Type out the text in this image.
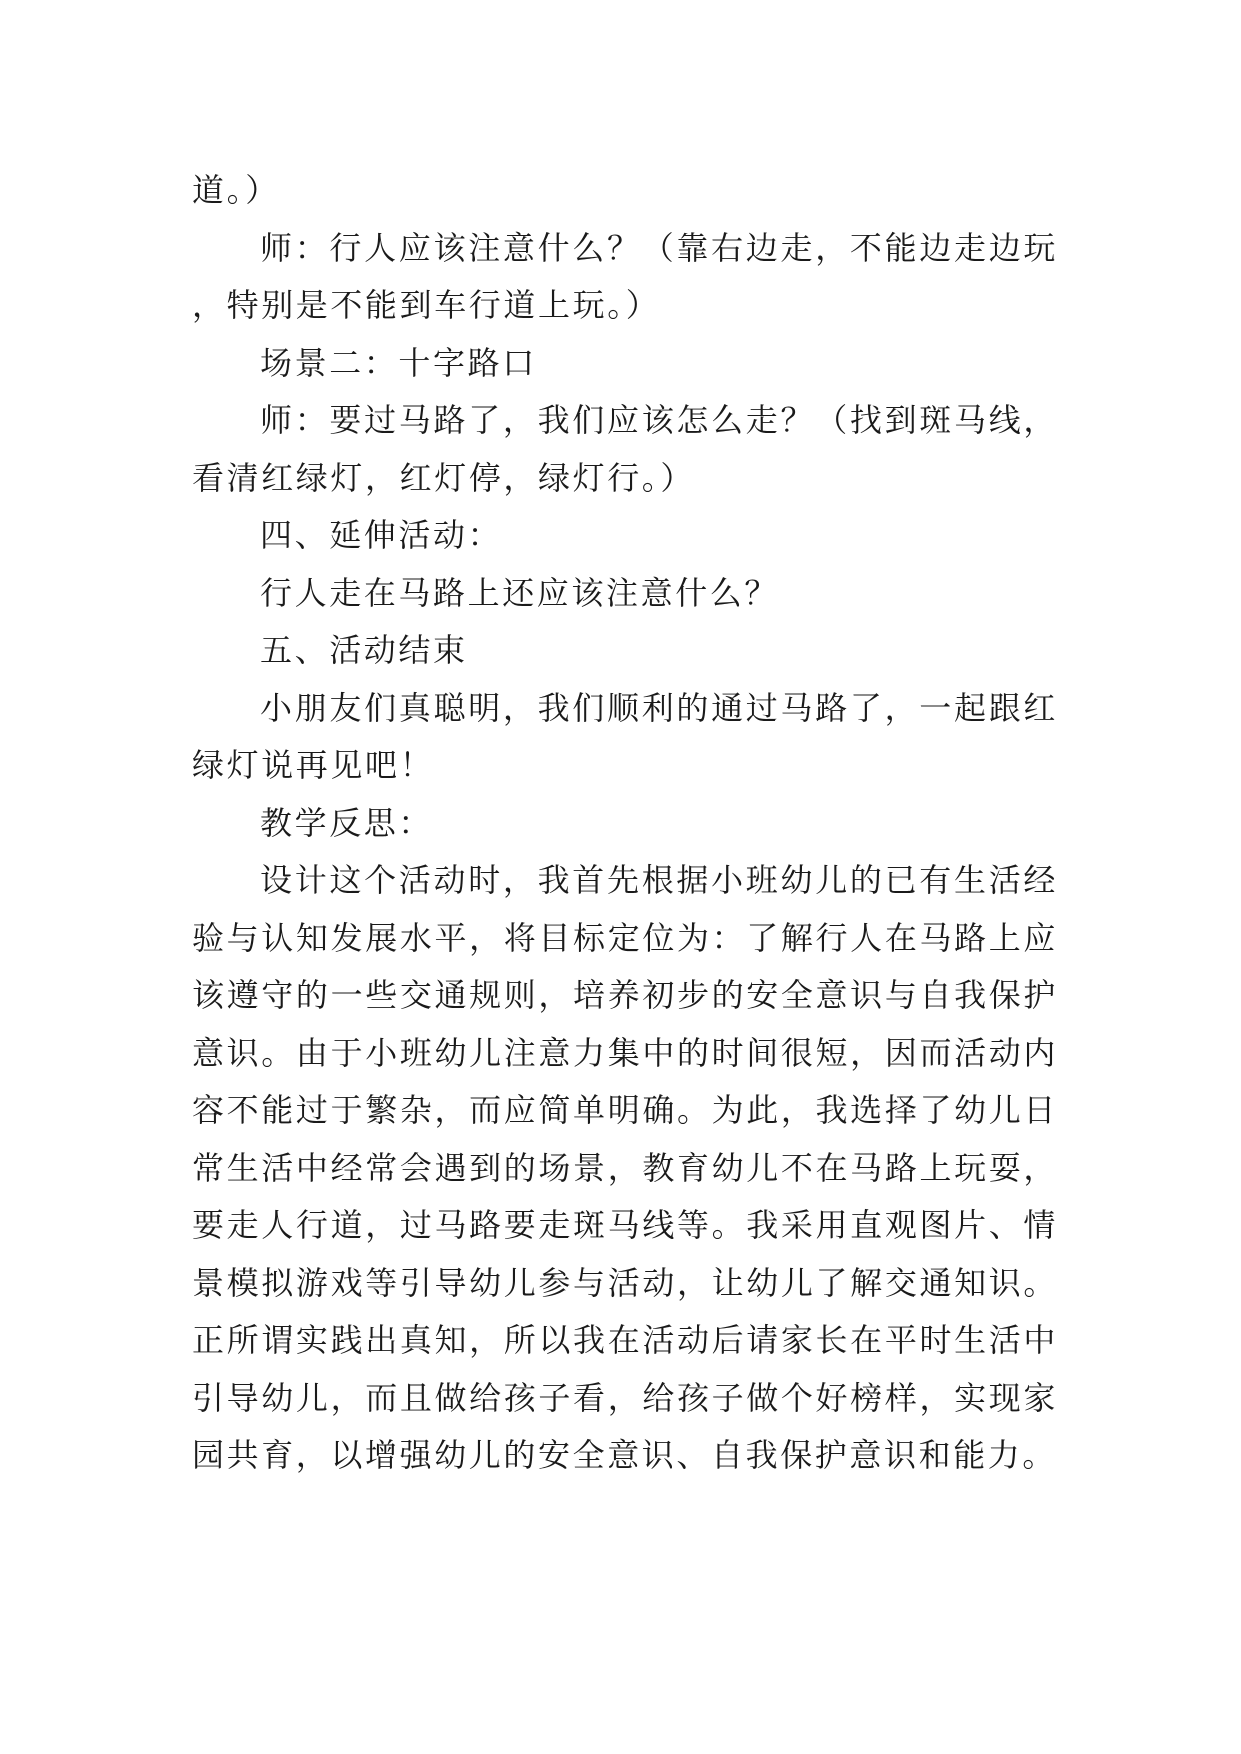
道。）

师：行人应该注意什么？（靠右边走，不能边走边玩，特别是不能到车行道上玩。）

场景二：十字路口

师：要过马路了，我们应该怎么走？（找到斑马线，看清红绿灯，红灯停，绿灯行。）

四、延伸活动：

行人走在马路上还应该注意什么？

五、活动结束

小朋友们真聪明，我们顺利的通过马路了，一起跟红绿灯说再见吧！

教学反思：

设计这个活动时，我首先根据小班幼儿的已有生活经验与认知发展水平，将目标定位为：了解行人在马路上应该遵守的一些交通规则，培养初步的安全意识与自我保护意识。由于小班幼儿注意力集中的时间很短，因而活动内容不能过于繁杂，而应简单明确。为此，我选择了幼儿日常生活中经常会遇到的场景，教育幼儿不在马路上玩耍，要走人行道，过马路要走斑马线等。我采用直观图片、情景模拟游戏等引导幼儿参与活动，让幼儿了解交通知识。正所谓实践出真知，所以我在活动后请家长在平时生活中引导幼儿，而且做给孩子看，给孩子做个好榜样，实现家园共育，以增强幼儿的安全意识、自我保护意识和能力。
